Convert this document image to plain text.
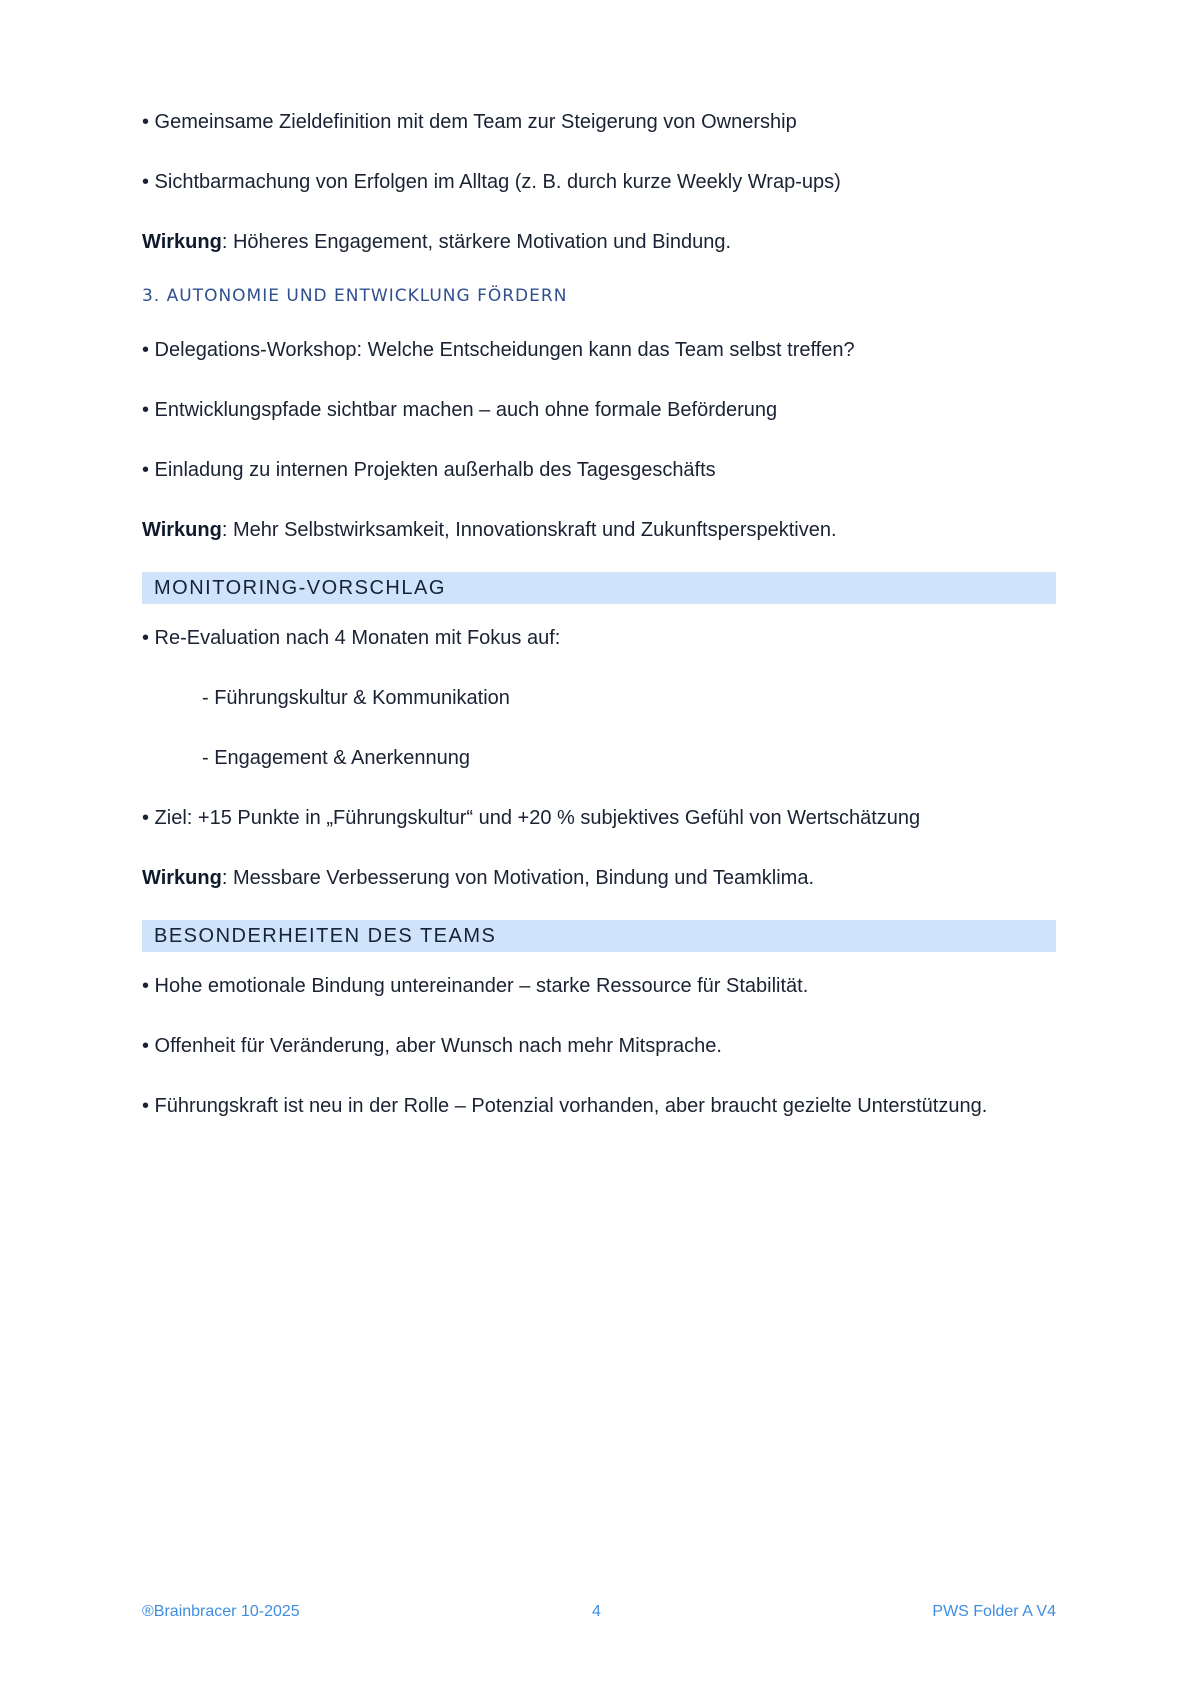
• Gemeinsame Zieldefinition mit dem Team zur Steigerung von Ownership
• Sichtbarmachung von Erfolgen im Alltag (z. B. durch kurze Weekly Wrap-ups)
Wirkung: Höheres Engagement, stärkere Motivation und Bindung.
3. AUTONOMIE UND ENTWICKLUNG FÖRDERN
• Delegations-Workshop: Welche Entscheidungen kann das Team selbst treffen?
• Entwicklungspfade sichtbar machen – auch ohne formale Beförderung
• Einladung zu internen Projekten außerhalb des Tagesgeschäfts
Wirkung: Mehr Selbstwirksamkeit, Innovationskraft und Zukunftsperspektiven.
MONITORING-VORSCHLAG
• Re-Evaluation nach 4 Monaten mit Fokus auf:
- Führungskultur & Kommunikation
- Engagement & Anerkennung
• Ziel: +15 Punkte in „Führungskultur“ und +20 % subjektives Gefühl von Wertschätzung
Wirkung: Messbare Verbesserung von Motivation, Bindung und Teamklima.
BESONDERHEITEN DES TEAMS
• Hohe emotionale Bindung untereinander – starke Ressource für Stabilität.
• Offenheit für Veränderung, aber Wunsch nach mehr Mitsprache.
• Führungskraft ist neu in der Rolle – Potenzial vorhanden, aber braucht gezielte Unterstützung.
®Brainbracer 10-2025	4	PWS Folder A V4
